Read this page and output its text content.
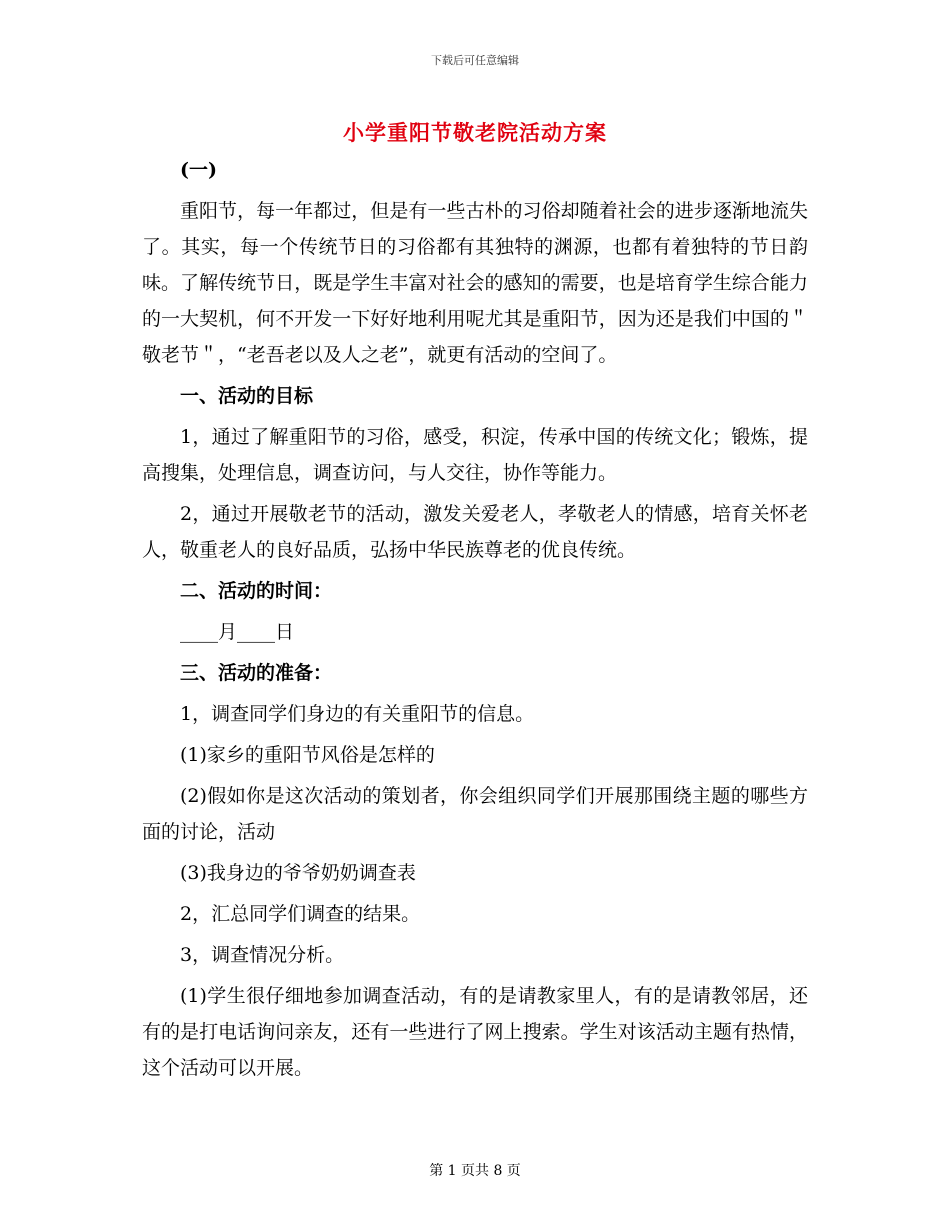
下载后可任意编辑
小学重阳节敬老院活动方案

(一)

重阳节，每一年都过，但是有一些古朴的习俗却随着社会的进步逐渐地流失了。其实，每一个传统节日的习俗都有其独特的渊源，也都有着独特的节日韵味。了解传统节日，既是学生丰富对社会的感知的需要，也是培育学生综合能力的一大契机，何不开发一下好好地利用呢尤其是重阳节，因为还是我们中国的＂敬老节＂，“老吾老以及人之老”，就更有活动的空间了。

一、活动的目标

1，通过了解重阳节的习俗，感受，积淀，传承中国的传统文化；锻炼，提高搜集，处理信息，调查访问，与人交往，协作等能力。

2，通过开展敬老节的活动，激发关爱老人，孝敬老人的情感，培育关怀老人，敬重老人的良好品质，弘扬中华民族尊老的优良传统。

二、活动的时间：

____月____日

三、活动的准备：

1，调查同学们身边的有关重阳节的信息。

(1)家乡的重阳节风俗是怎样的

(2)假如你是这次活动的策划者，你会组织同学们开展那围绕主题的哪些方面的讨论，活动

(3)我身边的爷爷奶奶调查表

2，汇总同学们调查的结果。

3，调查情况分析。

(1)学生很仔细地参加调查活动，有的是请教家里人，有的是请教邻居，还有的是打电话询问亲友，还有一些进行了网上搜索。学生对该活动主题有热情，这个活动可以开展。

第 1 页共 8 页
